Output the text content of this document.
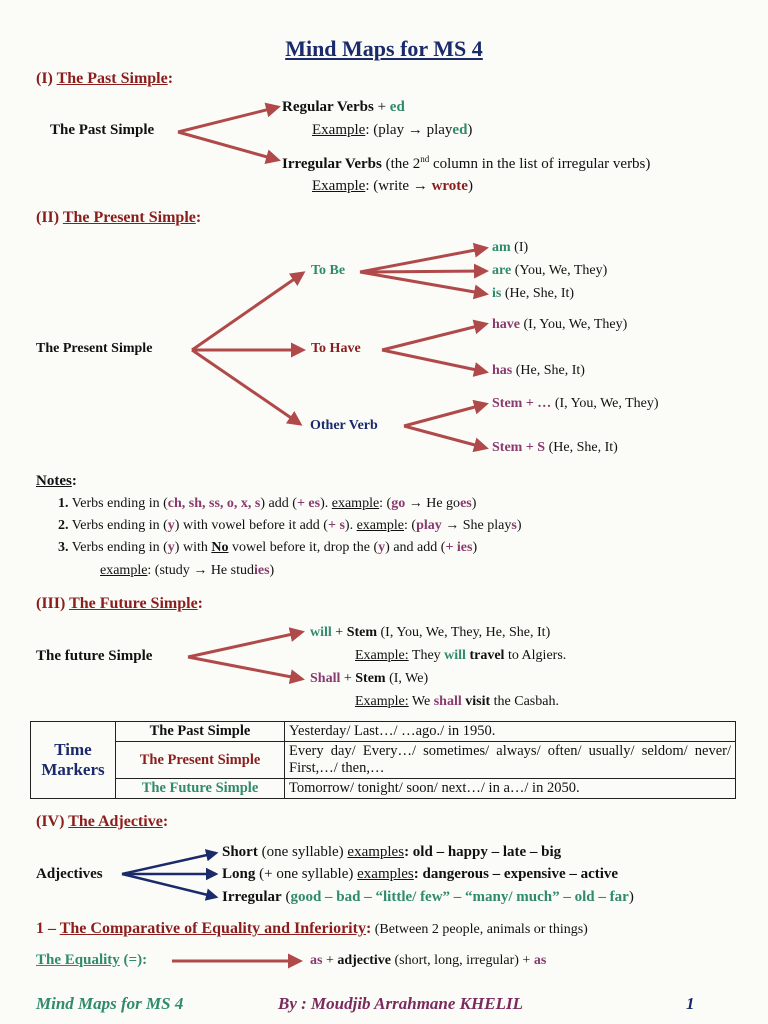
Mind Maps for MS 4
(I) The Past Simple:
The Past Simple
Regular Verbs + ed
Example: (play → played)
Irregular Verbs (the 2nd column in the list of irregular verbs)
Example: (write → wrote)
(II) The Present Simple:
The Present Simple
To Be
am (I)
are (You, We, They)
is (He, She, It)
To Have
have (I, You, We, They)
has (He, She, It)
Other Verb
Stem + … (I, You, We, They)
Stem + S (He, She, It)
Notes:
1. Verbs ending in (ch, sh, ss, o, x, s) add (+ es). example: (go → He goes)
2. Verbs ending in (y) with vowel before it add (+ s). example: (play → She plays)
3. Verbs ending in (y) with No vowel before it, drop the (y) and add (+ ies)
example: (study → He studies)
(III) The Future Simple:
The future Simple
will + Stem (I, You, We, They, He, She, It)
Example: They will travel to Algiers.
Shall + Stem (I, We)
Example: We shall visit the Casbah.
Time
Markers	The Past Simple	Yesterday/ Last…/ …ago./ in 1950.
	The Present Simple	Every day/ Every…/ sometimes/ always/ often/ usually/ seldom/ never/ First,…/ then,…
	The Future Simple	Tomorrow/ tonight/ soon/ next…/ in a…/ in 2050.
(IV) The Adjective:
Adjectives
Short (one syllable) examples: old – happy – late – big
Long (+ one syllable) examples: dangerous – expensive – active
Irregular (good – bad – “little/ few” – “many/ much” – old – far)
1 – The Comparative of Equality and Inferiority: (Between 2 people, animals or things)
The Equality (=):	as + adjective (short, long, irregular) + as
Mind Maps for MS 4	By : Moudjib Arrahmane KHELIL	1
